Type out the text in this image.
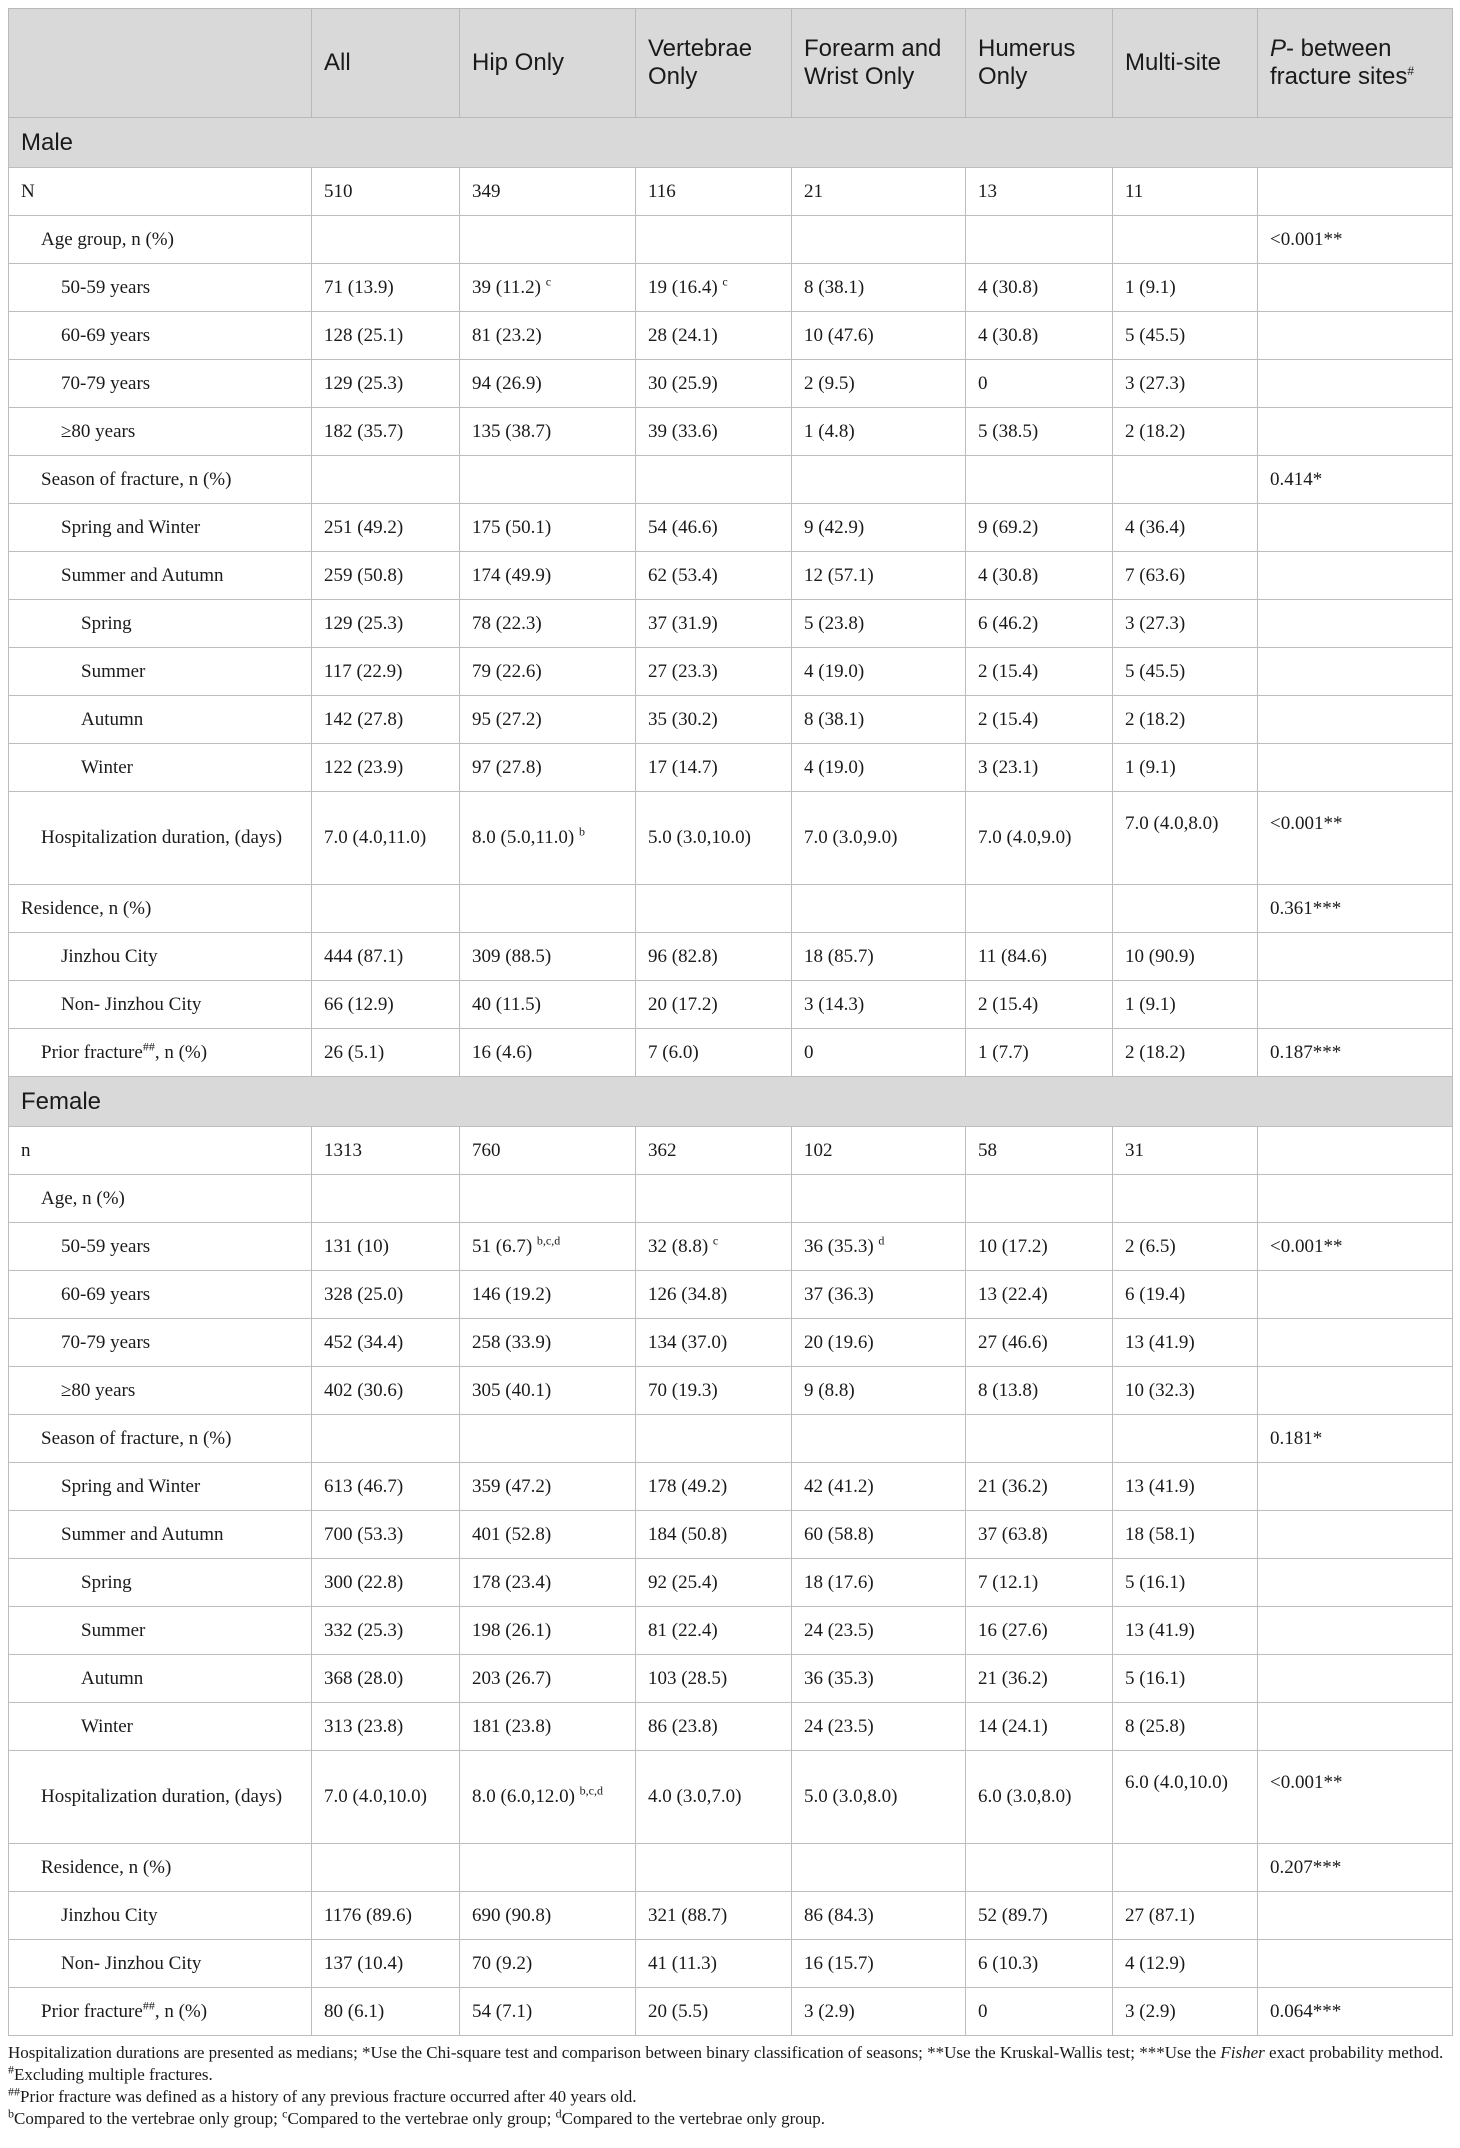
	All	Hip Only	Vertebrae Only	Forearm and Wrist Only	Humerus Only	Multi-site	P- between fracture sites#
Male							
N	510	349	116	21	13	11	
Age group, n (%)							<0.001**
50-59 years	71 (13.9)	39 (11.2) $^c$	19 (16.4) $^c$	8 (38.1)	4 (30.8)	1 (9.1)	
60-69 years	128 (25.1)	81 (23.2)	28 (24.1)	10 (47.6)	4 (30.8)	5 (45.5)	
70-79 years	129 (25.3)	94 (26.9)	30 (25.9)	2 (9.5)	0	3 (27.3)	
≥80 years	182 (35.7)	135 (38.7)	39 (33.6)	1 (4.8)	5 (38.5)	2 (18.2)	
Season of fracture, n (%)							0.414*
Spring and Winter	251 (49.2)	175 (50.1)	54 (46.6)	9 (42.9)	9 (69.2)	4 (36.4)	
Summer and Autumn	259 (50.8)	174 (49.9)	62 (53.4)	12 (57.1)	4 (30.8)	7 (63.6)	
Spring	129 (25.3)	78 (22.3)	37 (31.9)	5 (23.8)	6 (46.2)	3 (27.3)	
Summer	117 (22.9)	79 (22.6)	27 (23.3)	4 (19.0)	2 (15.4)	5 (45.5)	
Autumn	142 (27.8)	95 (27.2)	35 (30.2)	8 (38.1)	2 (15.4)	2 (18.2)	
Winter	122 (23.9)	97 (27.8)	17 (14.7)	4 (19.0)	3 (23.1)	1 (9.1)	
Hospitalization duration, (days)	7.0 (4.0,11.0)	8.0 (5.0,11.0) $^b$	5.0 (3.0,10.0)	7.0 (3.0,9.0)	7.0 (4.0,9.0)	7.0 (4.0,8.0)	<0.001**
Residence, n (%)							0.361***
Jinzhou City	444 (87.1)	309 (88.5)	96 (82.8)	18 (85.7)	11 (84.6)	10 (90.9)	
Non- Jinzhou City	66 (12.9)	40 (11.5)	20 (17.2)	3 (14.3)	2 (15.4)	1 (9.1)	
Prior fracture##, n (%)	26 (5.1)	16 (4.6)	7 (6.0)	0	1 (7.7)	2 (18.2)	0.187***
Female							
n	1313	760	362	102	58	31	
Age, n (%)							
50-59 years	131 (10)	51 (6.7) $^{b,c,d}$	32 (8.8) $^c$	36 (35.3) $^d$	10 (17.2)	2 (6.5)	<0.001**
60-69 years	328 (25.0)	146 (19.2)	126 (34.8)	37 (36.3)	13 (22.4)	6 (19.4)	
70-79 years	452 (34.4)	258 (33.9)	134 (37.0)	20 (19.6)	27 (46.6)	13 (41.9)	
≥80 years	402 (30.6)	305 (40.1)	70 (19.3)	9 (8.8)	8 (13.8)	10 (32.3)	
Season of fracture, n (%)							0.181*
Spring and Winter	613 (46.7)	359 (47.2)	178 (49.2)	42 (41.2)	21 (36.2)	13 (41.9)	
Summer and Autumn	700 (53.3)	401 (52.8)	184 (50.8)	60 (58.8)	37 (63.8)	18 (58.1)	
Spring	300 (22.8)	178 (23.4)	92 (25.4)	18 (17.6)	7 (12.1)	5 (16.1)	
Summer	332 (25.3)	198 (26.1)	81 (22.4)	24 (23.5)	16 (27.6)	13 (41.9)	
Autumn	368 (28.0)	203 (26.7)	103 (28.5)	36 (35.3)	21 (36.2)	5 (16.1)	
Winter	313 (23.8)	181 (23.8)	86 (23.8)	24 (23.5)	14 (24.1)	8 (25.8)	
Hospitalization duration, (days)	7.0 (4.0,10.0)	8.0 (6.0,12.0) $^{b,c,d}$	4.0 (3.0,7.0)	5.0 (3.0,8.0)	6.0 (3.0,8.0)	6.0 (4.0,10.0)	<0.001**
Residence, n (%)							0.207***
Jinzhou City	1176 (89.6)	690 (90.8)	321 (88.7)	86 (84.3)	52 (89.7)	27 (87.1)	
Non- Jinzhou City	137 (10.4)	70 (9.2)	41 (11.3)	16 (15.7)	6 (10.3)	4 (12.9)	
Prior fracture##, n (%)	80 (6.1)	54 (7.1)	20 (5.5)	3 (2.9)	0	3 (2.9)	0.064***

Hospitalization durations are presented as medians; *Use the Chi-square test and comparison between binary classification of seasons; **Use the Kruskal-Wallis test; ***Use the Fisher exact probability method.

#Excluding multiple fractures.

##Prior fracture was defined as a history of any previous fracture occurred after 40 years old.

$^b$Compared to the vertebrae only group; $^c$Compared to the vertebrae only group; $^d$Compared to the vertebrae only group.
